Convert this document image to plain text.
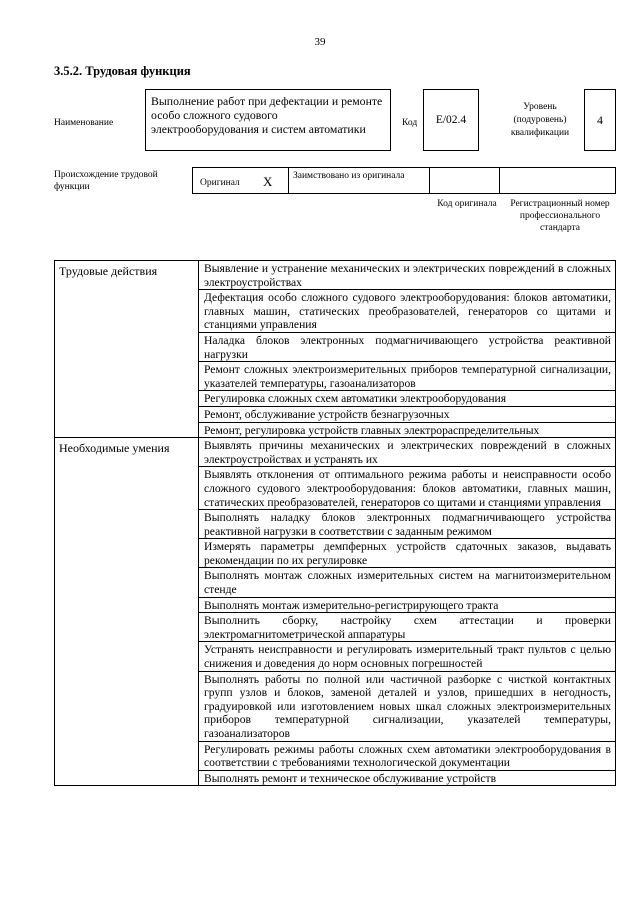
39
3.5.2. Трудовая функция
Наименование
Выполнение работ при дефектации и ремонте особо сложного судового электрооборудования и систем автоматики	Код	E/02.4
Уровень (подуровень) квалификации
4
Происхождение трудовой функции	Оригинал X	Заимствовано из оригинала
Код оригинала	Регистрационный номер профессионального стандарта
Трудовые действия	Выявление и устранение механических и электрических повреждений в сложных электроустройствах
	Дефектация особо сложного судового электрооборудования: блоков автоматики, главных машин, статических преобразователей, генераторов со щитами и станциями управления
	Наладка блоков электронных подмагничивающего устройства реактивной нагрузки
	Ремонт сложных электроизмерительных приборов температурной сигнализации, указателей температуры, газоанализаторов
	Регулировка сложных схем автоматики электрооборудования
	Ремонт, обслуживание устройств безнагрузочных
	Ремонт, регулировка устройств главных электрораспределительных
Необходимые умения	Выявлять причины механических и электрических повреждений в сложных электроустройствах и устранять их
	Выявлять отклонения от оптимального режима работы и неисправности особо сложного судового электрооборудования: блоков автоматики, главных машин, статических преобразователей, генераторов со щитами и станциями управления
	Выполнять наладку блоков электронных подмагничивающего устройства реактивной нагрузки в соответствии с заданным режимом
	Измерять параметры демпферных устройств сдаточных заказов, выдавать рекомендации по их регулировке
	Выполнять монтаж сложных измерительных систем на магнитоизмерительном стенде
	Выполнять монтаж измерительно-регистрирующего тракта
	Выполнить сборку, настройку схем аттестации и проверки электромагнитометрической аппаратуры
	Устранять неисправности и регулировать измерительный тракт пультов с целью снижения и доведения до норм основных погрешностей
	Выполнять работы по полной или частичной разборке с чисткой контактных групп узлов и блоков, заменой деталей и узлов, пришедших в негодность, градуировкой или изготовлением новых шкал сложных электроизмерительных приборов температурной сигнализации, указателей температуры, газоанализаторов
	Регулировать режимы работы сложных схем автоматики электрооборудования в соответствии с требованиями технологической документации
	Выполнять ремонт и техническое обслуживание устройств
